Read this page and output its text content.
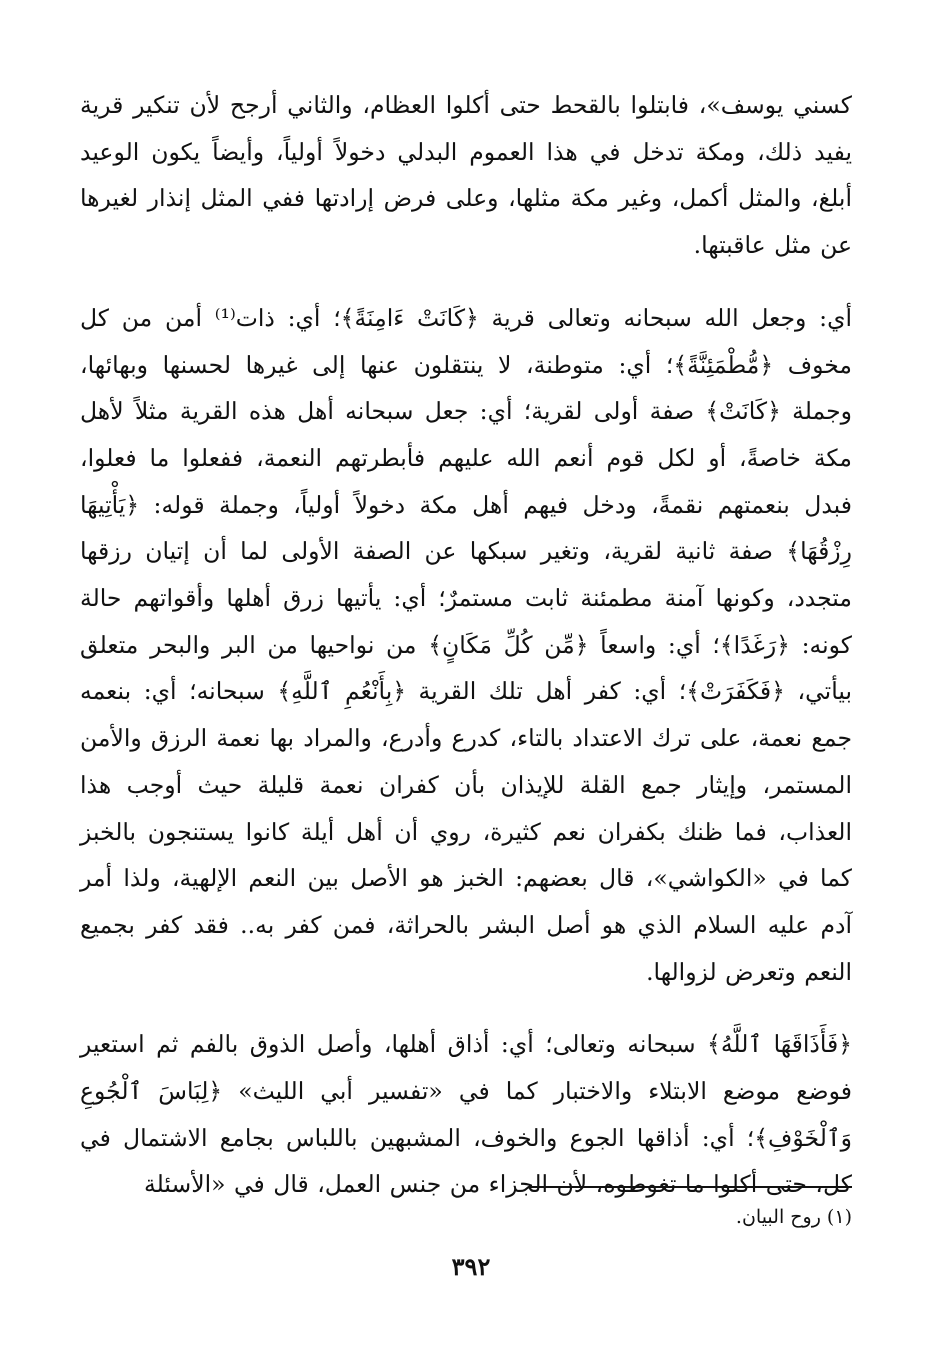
كسني يوسف»، فابتلوا بالقحط حتى أكلوا العظام، والثاني أرجح لأن تنكير قرية يفيد ذلك، ومكة تدخل في هذا العموم البدلي دخولاً أولياً، وأيضاً يكون الوعيد أبلغ، والمثل أكمل، وغير مكة مثلها، وعلى فرض إرادتها ففي المثل إنذار لغيرها عن مثل عاقبتها.

أي: وجعل الله سبحانه وتعالى قرية ﴿كَانَتْ ءَامِنَةً﴾؛ أي: ذات⁽¹⁾ أمن من كل مخوف ﴿مُّطْمَئِنَّةً﴾؛ أي: متوطنة، لا ينتقلون عنها إلى غيرها لحسنها وبهائها، وجملة ﴿كَانَتْ﴾ صفة أولى لقرية؛ أي: جعل سبحانه أهل هذه القرية مثلاً لأهل مكة خاصةً، أو لكل قوم أنعم الله عليهم فأبطرتهم النعمة، ففعلوا ما فعلوا، فبدل بنعمتهم نقمةً، ودخل فيهم أهل مكة دخولاً أولياً، وجملة قوله: ﴿يَأْتِيهَا رِزْقُهَا﴾ صفة ثانية لقرية، وتغير سبكها عن الصفة الأولى لما أن إتيان رزقها متجدد، وكونها آمنة مطمئنة ثابت مستمرٌ؛ أي: يأتيها زرق أهلها وأقواتهم حالة كونه: ﴿رَغَدًا﴾؛ أي: واسعاً ﴿مِّن كُلِّ مَكَانٍ﴾ من نواحيها من البر والبحر متعلق بيأتي، ﴿فَكَفَرَتْ﴾؛ أي: كفر أهل تلك القرية ﴿بِأَنْعُمِ ٱللَّهِ﴾ سبحانه؛ أي: بنعمه جمع نعمة، على ترك الاعتداد بالتاء، كدرع وأدرع، والمراد بها نعمة الرزق والأمن المستمر، وإيثار جمع القلة للإيذان بأن كفران نعمة قليلة حيث أوجب هذا العذاب، فما ظنك بكفران نعم كثيرة، روي أن أهل أيلة كانوا يستنجون بالخبز كما في «الكواشي»، قال بعضهم: الخبز هو الأصل بين النعم الإلهية، ولذا أمر آدم عليه السلام الذي هو أصل البشر بالحراثة، فمن كفر به.. فقد كفر بجميع النعم وتعرض لزوالها.

﴿فَأَذَاقَهَا ٱللَّهُ﴾ سبحانه وتعالى؛ أي: أذاق أهلها، وأصل الذوق بالفم ثم استعير فوضع موضع الابتلاء والاختبار كما في «تفسير أبي الليث» ﴿لِبَاسَ ٱلْجُوعِ وَٱلْخَوْفِ﴾؛ أي: أذاقها الجوع والخوف، المشبهين باللباس بجامع الاشتمال في كل، حتى أكلوا ما تغوطوه، لأن الجزاء من جنس العمل، قال في «الأسئلة

(١) روح البيان.
٣٩٢
